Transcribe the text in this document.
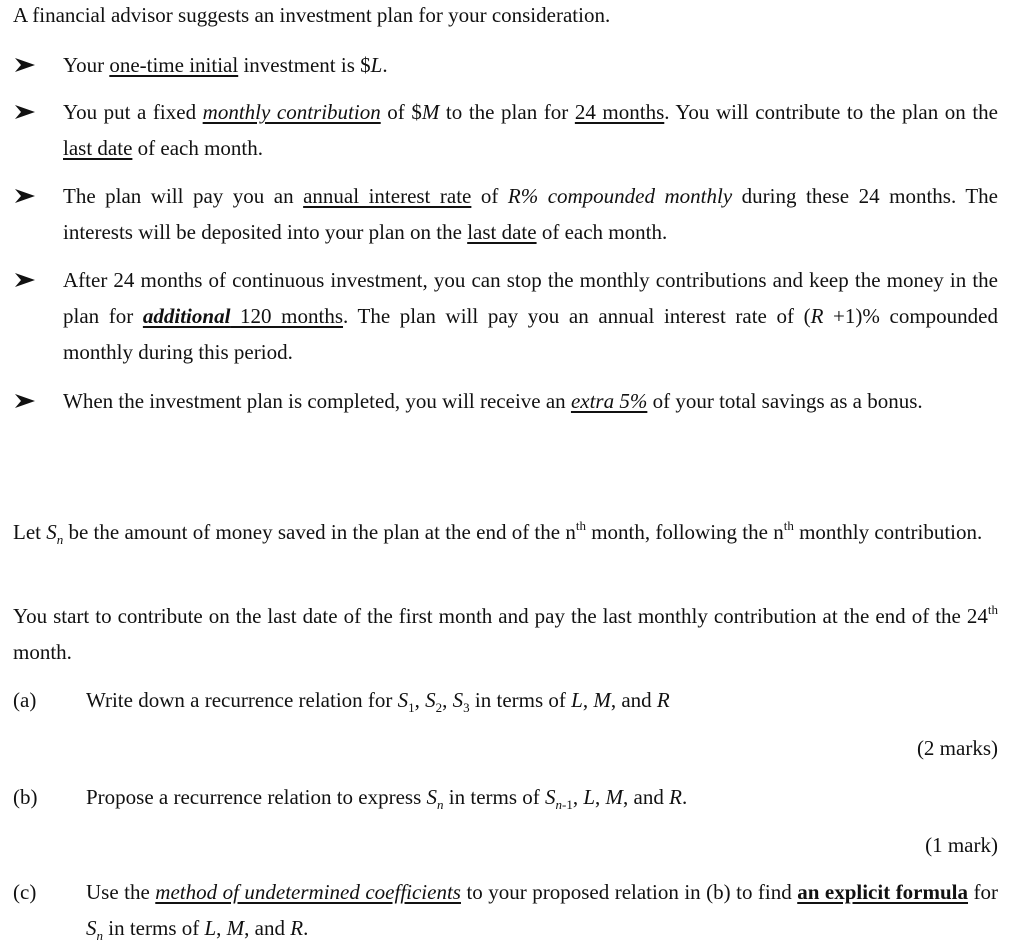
A financial advisor suggests an investment plan for your consideration.
Your one-time initial investment is $L.
You put a fixed monthly contribution of $M to the plan for 24 months. You will contribute to the plan on the last date of each month.
The plan will pay you an annual interest rate of R% compounded monthly during these 24 months. The interests will be deposited into your plan on the last date of each month.
After 24 months of continuous investment, you can stop the monthly contributions and keep the money in the plan for additional 120 months. The plan will pay you an annual interest rate of (R +1)% compounded monthly during this period.
When the investment plan is completed, you will receive an extra 5% of your total savings as a bonus.
Let $S_n$ be the amount of money saved in the plan at the end of the $n^{th}$ month, following the $n^{th}$ monthly contribution.
You start to contribute on the last date of the first month and pay the last monthly contribution at the end of the 24th month.
(a) Write down a recurrence relation for $S_1$, $S_2$, $S_3$ in terms of L, M, and R
(2 marks)
(b) Propose a recurrence relation to express $S_n$ in terms of $S_{n-1}$, L, M, and R.
(1 mark)
(c) Use the method of undetermined coefficients to your proposed relation in (b) to find an explicit formula for $S_n$ in terms of L, M, and R.
